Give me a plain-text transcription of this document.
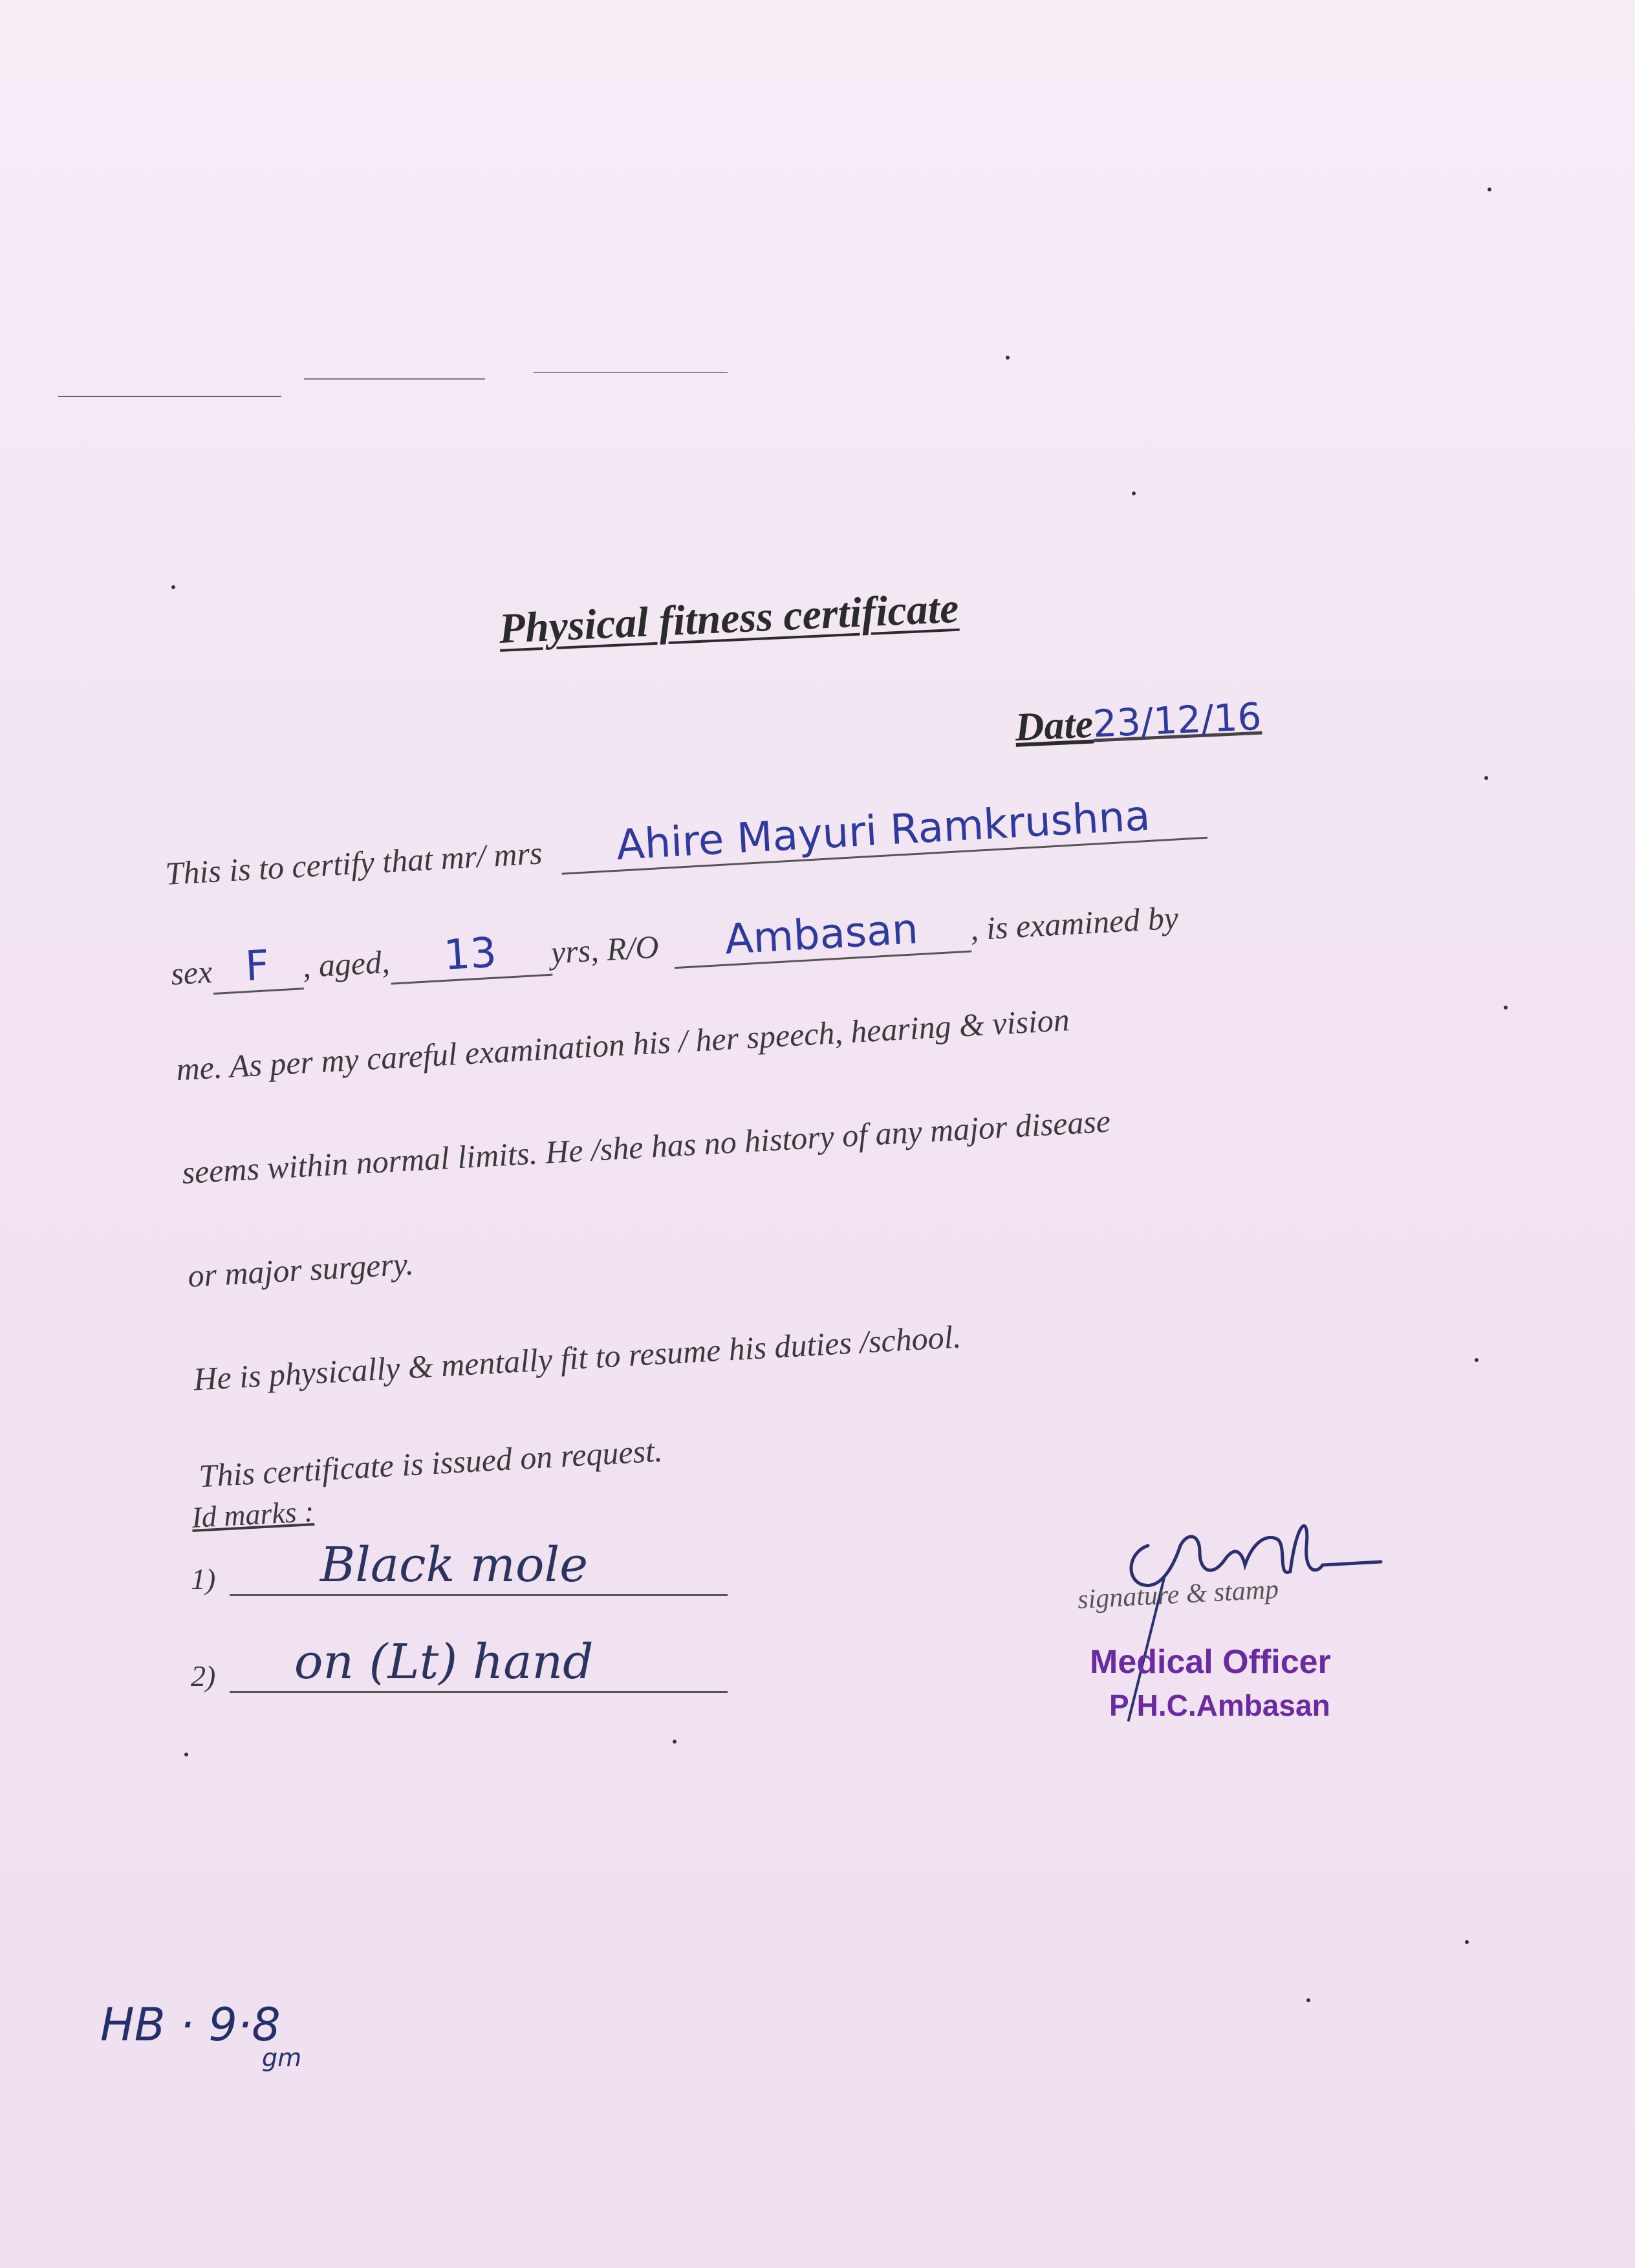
Physical fitness certificate
Date23/12/16
This is to certify that mr/ mrs Ahire Mayuri Ramkrushna
sex F , aged, 13 yrs, R/O Ambasan , is examined by
me. As per my careful examination his / her speech, hearing & vision
seems within normal limits. He /she has no history of any major disease
or major surgery.
He is physically & mentally fit to resume his duties /school.
This certificate is issued on request.
Id marks :
1) Black mole
2) on (Lt) hand
signature & stamp
Medical Officer
P H.C.Ambasan
HB · 9·8
gm
